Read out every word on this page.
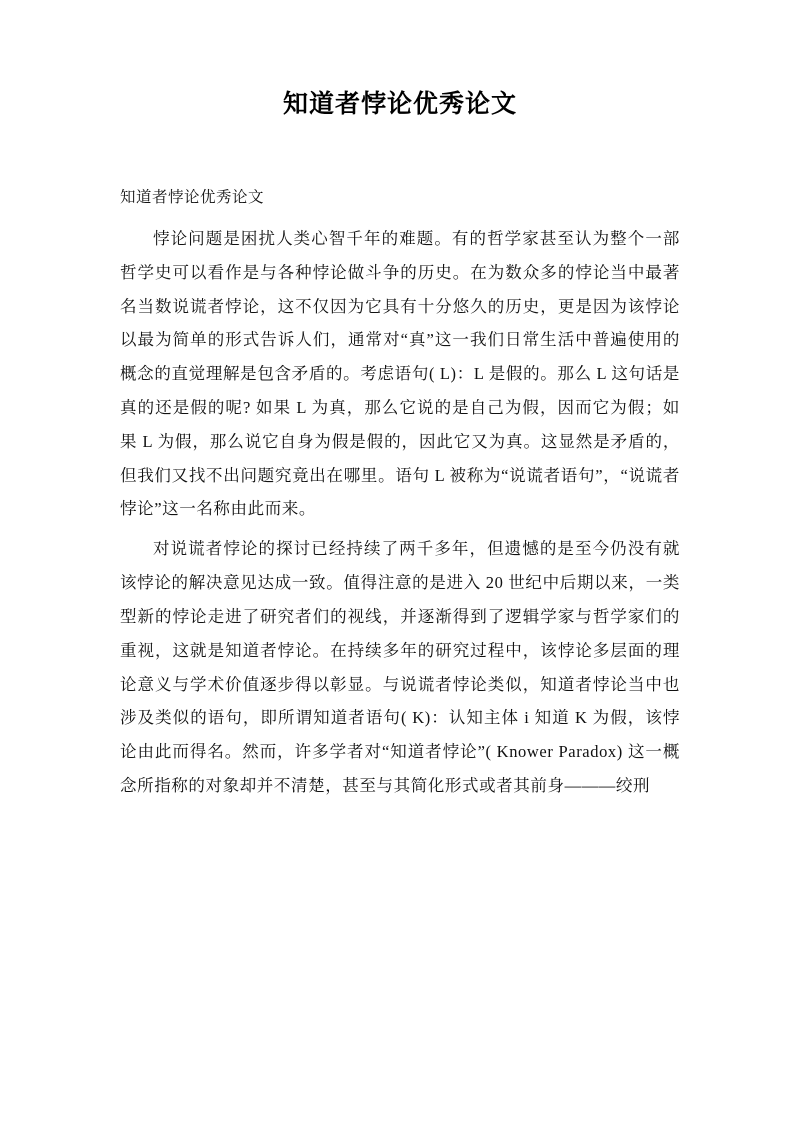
知道者悖论优秀论文
知道者悖论优秀论文

悖论问题是困扰人类心智千年的难题。有的哲学家甚至认为整个一部哲学史可以看作是与各种悖论做斗争的历史。在为数众多的悖论当中最著名当数说谎者悖论，这不仅因为它具有十分悠久的历史，更是因为该悖论以最为简单的形式告诉人们，通常对“真”这一我们日常生活中普遍使用的概念的直觉理解是包含矛盾的。考虑语句( L)：L 是假的。那么 L 这句话是真的还是假的呢? 如果 L 为真，那么它说的是自己为假，因而它为假；如果 L 为假，那么说它自身为假是假的，因此它又为真。这显然是矛盾的，但我们又找不出问题究竟出在哪里。语句 L 被称为“说谎者语句”，“说谎者悖论”这一名称由此而来。

对说谎者悖论的探讨已经持续了两千多年，但遗憾的是至今仍没有就该悖论的解决意见达成一致。值得注意的是进入 20 世纪中后期以来，一类型新的悖论走进了研究者们的视线，并逐渐得到了逻辑学家与哲学家们的重视，这就是知道者悖论。在持续多年的研究过程中，该悖论多层面的理论意义与学术价值逐步得以彰显。与说谎者悖论类似，知道者悖论当中也涉及类似的语句，即所谓知道者语句( K)：认知主体 i 知道 K 为假，该悖论由此而得名。然而，许多学者对“知道者悖论”( Knower Paradox) 这一概念所指称的对象却并不清楚，甚至与其简化形式或者其前身———绞刑
